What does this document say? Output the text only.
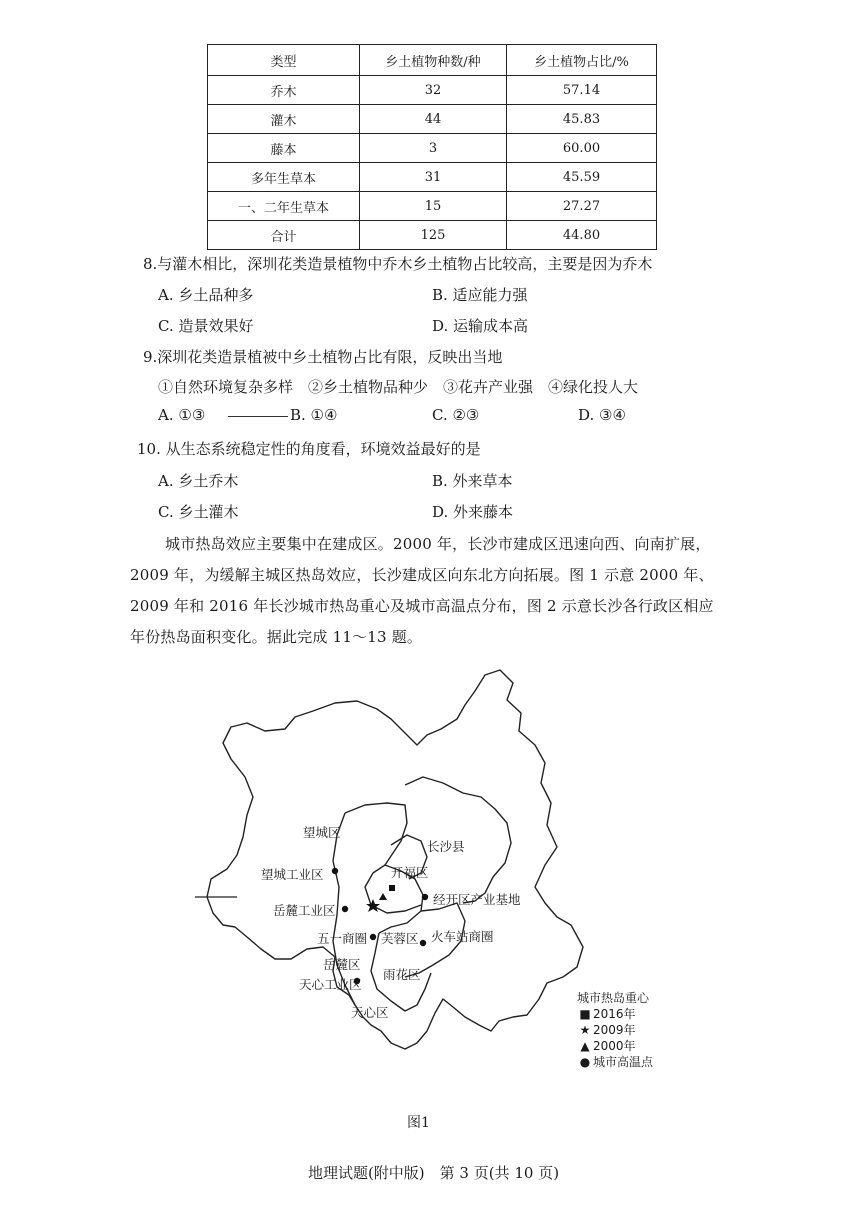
类型	乡土植物种数/种	乡土植物占比/%
乔木	32	57.14
灌木	44	45.83
藤本	3	60.00
多年生草本	31	45.59
一、二年生草本	15	27.27
合计	125	44.80
8.与灌木相比，深圳花类造景植物中乔木乡土植物占比较高，主要是因为乔木
A. 乡土品种多	B. 适应能力强
C. 造景效果好	D. 运输成本高
9.深圳花类造景植被中乡土植物占比有限，反映出当地
①自然环境复杂多样　②乡土植物品种少　③花卉产业强　④绿化投人大
A. ①③	B. ①④	C. ②③	D. ③④
10. 从生态系统稳定性的角度看，环境效益最好的是
A. 乡土乔木	B. 外来草本
C. 乡土灌木	D. 外来藤本
城市热岛效应主要集中在建成区。2000 年，长沙市建成区迅速向西、向南扩展，
2009 年，为缓解主城区热岛效应，长沙建成区向东北方向拓展。图 1 示意 2000 年、
2009 年和 2016 年长沙城市热岛重心及城市高温点分布，图 2 示意长沙各行政区相应
年份热岛面积变化。据此完成 11～13 题。
望城区
长沙县
开福区
望城工业区
经开区产业基地
岳麓工业区
五一商圈 芙蓉区 火车站商圈
岳麓区
雨花区
天心工业区
天心区
城市热岛重心
■ 2016年
★ 2009年
▲ 2000年
● 城市高温点
图1
地理试题(附中版)　第 3 页(共 10 页)
